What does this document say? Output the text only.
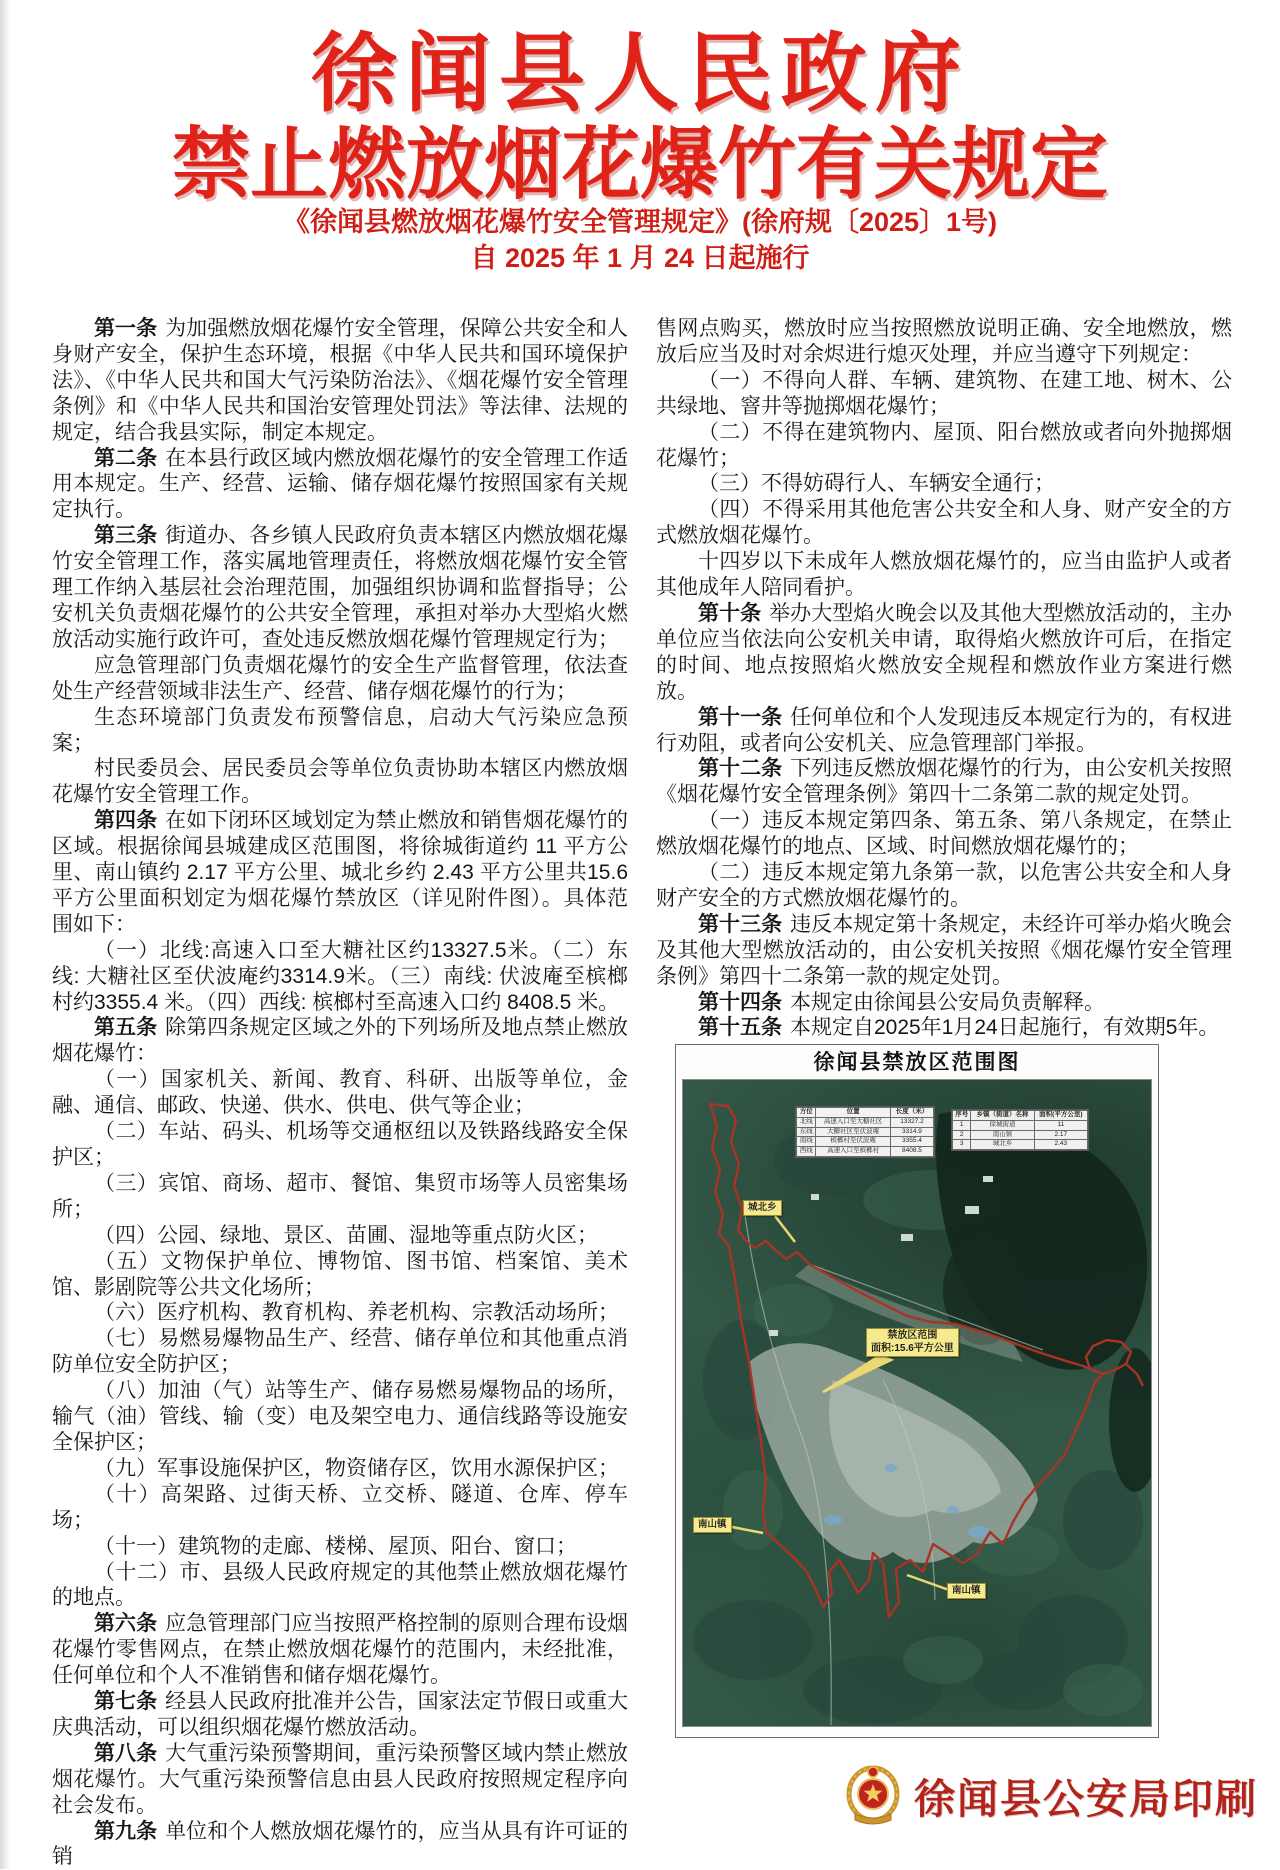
徐闻县人民政府
禁止燃放烟花爆竹有关规定
《徐闻县燃放烟花爆竹安全管理规定》(徐府规〔2025〕1号)
自 2025 年 1 月 24 日起施行

第一条 为加强燃放烟花爆竹安全管理，保障公共安全和人身财产安全，保护生态环境，根据《中华人民共和国环境保护法》、《中华人民共和国大气污染防治法》、《烟花爆竹安全管理条例》和《中华人民共和国治安管理处罚法》等法律、法规的规定，结合我县实际，制定本规定。

第二条 在本县行政区域内燃放烟花爆竹的安全管理工作适用本规定。生产、经营、运输、储存烟花爆竹按照国家有关规定执行。

第三条 街道办、各乡镇人民政府负责本辖区内燃放烟花爆竹安全管理工作，落实属地管理责任，将燃放烟花爆竹安全管理工作纳入基层社会治理范围，加强组织协调和监督指导；公安机关负责烟花爆竹的公共安全管理，承担对举办大型焰火燃放活动实施行政许可，查处违反燃放烟花爆竹管理规定行为；

应急管理部门负责烟花爆竹的安全生产监督管理，依法查处生产经营领域非法生产、经营、储存烟花爆竹的行为；

生态环境部门负责发布预警信息，启动大气污染应急预案；

村民委员会、居民委员会等单位负责协助本辖区内燃放烟花爆竹安全管理工作。

第四条 在如下闭环区域划定为禁止燃放和销售烟花爆竹的区域。根据徐闻县城建成区范围图，将徐城街道约 11 平方公里、南山镇约 2.17 平方公里、城北乡约 2.43 平方公里共15.6 平方公里面积划定为烟花爆竹禁放区（详见附件图）。具体范围如下：

（一）北线:高速入口至大糖社区约13327.5米。（二）东线: 大糖社区至伏波庵约3314.9米。（三）南线: 伏波庵至槟榔村约3355.4 米。（四）西线: 槟榔村至高速入口约 8408.5 米。

第五条 除第四条规定区域之外的下列场所及地点禁止燃放烟花爆竹：

（一）国家机关、新闻、教育、科研、出版等单位，金融、通信、邮政、快递、供水、供电、供气等企业；

（二）车站、码头、机场等交通枢纽以及铁路线路安全保护区；

（三）宾馆、商场、超市、餐馆、集贸市场等人员密集场所；

（四）公园、绿地、景区、苗圃、湿地等重点防火区；

（五）文物保护单位、博物馆、图书馆、档案馆、美术馆、影剧院等公共文化场所；

（六）医疗机构、教育机构、养老机构、宗教活动场所；

（七）易燃易爆物品生产、经营、储存单位和其他重点消防单位安全防护区；

（八）加油（气）站等生产、储存易燃易爆物品的场所，输气（油）管线、输（变）电及架空电力、通信线路等设施安全保护区；

（九）军事设施保护区，物资储存区，饮用水源保护区；

（十）高架路、过街天桥、立交桥、隧道、仓库、停车场；

（十一）建筑物的走廊、楼梯、屋顶、阳台、窗口；

（十二）市、县级人民政府规定的其他禁止燃放烟花爆竹的地点。

第六条 应急管理部门应当按照严格控制的原则合理布设烟花爆竹零售网点，在禁止燃放烟花爆竹的范围内，未经批准，任何单位和个人不准销售和储存烟花爆竹。

第七条 经县人民政府批准并公告，国家法定节假日或重大庆典活动，可以组织烟花爆竹燃放活动。

第八条 大气重污染预警期间，重污染预警区域内禁止燃放烟花爆竹。大气重污染预警信息由县人民政府按照规定程序向社会发布。

第九条 单位和个人燃放烟花爆竹的，应当从具有许可证的销

售网点购买，燃放时应当按照燃放说明正确、安全地燃放，燃放后应当及时对余烬进行熄灭处理，并应当遵守下列规定：

（一）不得向人群、车辆、建筑物、在建工地、树木、公共绿地、窨井等抛掷烟花爆竹；

（二）不得在建筑物内、屋顶、阳台燃放或者向外抛掷烟花爆竹；

（三）不得妨碍行人、车辆安全通行；

（四）不得采用其他危害公共安全和人身、财产安全的方式燃放烟花爆竹。

十四岁以下未成年人燃放烟花爆竹的，应当由监护人或者其他成年人陪同看护。

第十条 举办大型焰火晚会以及其他大型燃放活动的，主办单位应当依法向公安机关申请，取得焰火燃放许可后，在指定的时间、地点按照焰火燃放安全规程和燃放作业方案进行燃放。

第十一条 任何单位和个人发现违反本规定行为的，有权进行劝阻，或者向公安机关、应急管理部门举报。

第十二条 下列违反燃放烟花爆竹的行为，由公安机关按照《烟花爆竹安全管理条例》第四十二条第二款的规定处罚。

（一）违反本规定第四条、第五条、第八条规定，在禁止燃放烟花爆竹的地点、区域、时间燃放烟花爆竹的；

（二）违反本规定第九条第一款，以危害公共安全和人身财产安全的方式燃放烟花爆竹的。

第十三条 违反本规定第十条规定，未经许可举办焰火晚会及其他大型燃放活动的，由公安机关按照《烟花爆竹安全管理条例》第四十二条第一款的规定处罚。

第十四条 本规定由徐闻县公安局负责解释。

第十五条 本规定自2025年1月24日起施行，有效期5年。

徐闻县禁放区范围图
方位	位置	长度（米）
北线	高速入口至大糖社区	13327.2
东线	大糖社区至伏波庵	3314.9
南线	槟榔村至伏波庵	3355.4
西线	高速入口至槟榔村	8408.5
序号	乡镇（街道）名称	面积(平方公里)
1	徐城街道	11
2	南山镇	2.17
3	城北乡	2.43
城北乡
禁放区范围
面积:15.6平方公里
南山镇
南山镇
徐闻县公安局印刷
